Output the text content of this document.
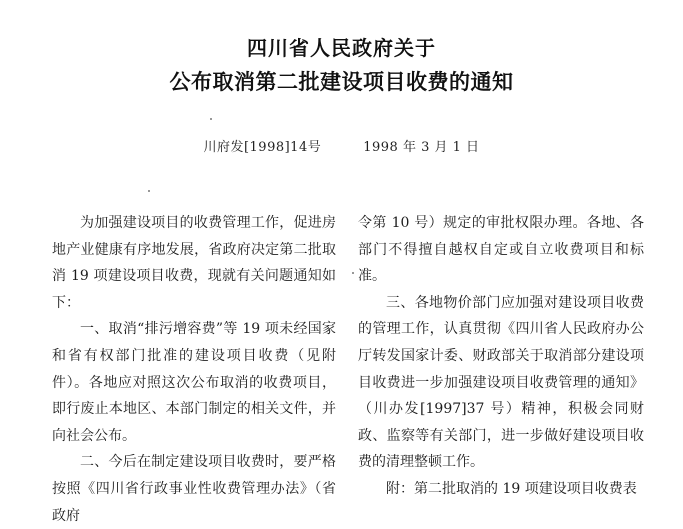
四川省人民政府关于
公布取消第二批建设项目收费的通知
川府发[1998]14号	1998 年 3 月 1 日

为加强建设项目的收费管理工作，促进房地产业健康有序地发展，省政府决定第二批取消 19 项建设项目收费，现就有关问题通知如下：

一、取消“排污增容费”等 19 项未经国家和省有权部门批准的建设项目收费（见附件）。各地应对照这次公布取消的收费项目，即行废止本地区、本部门制定的相关文件，并向社会公布。

二、今后在制定建设项目收费时，要严格按照《四川省行政事业性收费管理办法》（省政府

令第 10 号）规定的审批权限办理。各地、各部门不得擅自越权自定或自立收费项目和标准。

三、各地物价部门应加强对建设项目收费的管理工作，认真贯彻《四川省人民政府办公厅转发国家计委、财政部关于取消部分建设项目收费进一步加强建设项目收费管理的通知》（川办发[1997]37 号）精神，积极会同财政、监察等有关部门，进一步做好建设项目收费的清理整顿工作。

附：第二批取消的 19 项建设项目收费表
